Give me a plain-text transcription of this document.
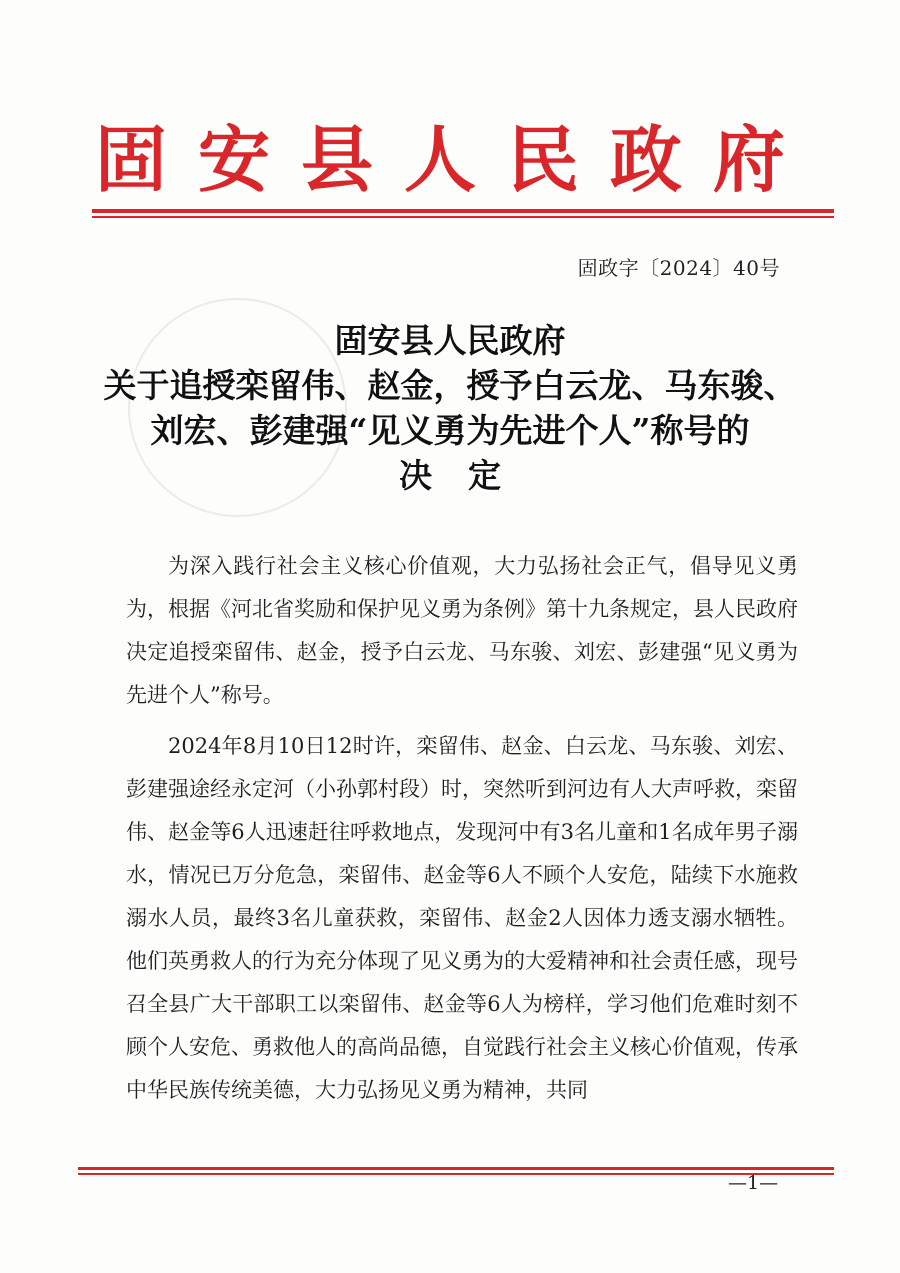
固 安 县 人 民 政 府
固政字〔2024〕40号
固安县人民政府
关于追授栾留伟、赵金，授予白云龙、马东骏、
刘宏、彭建强“见义勇为先进个人”称号的
决定

为深入践行社会主义核心价值观，大力弘扬社会正气，倡导见义勇为，根据《河北省奖励和保护见义勇为条例》第十九条规定，县人民政府决定追授栾留伟、赵金，授予白云龙、马东骏、刘宏、彭建强“见义勇为先进个人”称号。

2024年8月10日12时许，栾留伟、赵金、白云龙、马东骏、刘宏、彭建强途经永定河（小孙郭村段）时，突然听到河边有人大声呼救，栾留伟、赵金等6人迅速赶往呼救地点，发现河中有3名儿童和1名成年男子溺水，情况已万分危急，栾留伟、赵金等6人不顾个人安危，陆续下水施救溺水人员，最终3名儿童获救，栾留伟、赵金2人因体力透支溺水牺牲。他们英勇救人的行为充分体现了见义勇为的大爱精神和社会责任感，现号召全县广大干部职工以栾留伟、赵金等6人为榜样，学习他们危难时刻不顾个人安危、勇救他人的高尚品德，自觉践行社会主义核心价值观，传承中华民族传统美德，大力弘扬见义勇为精神，共同

—1—
